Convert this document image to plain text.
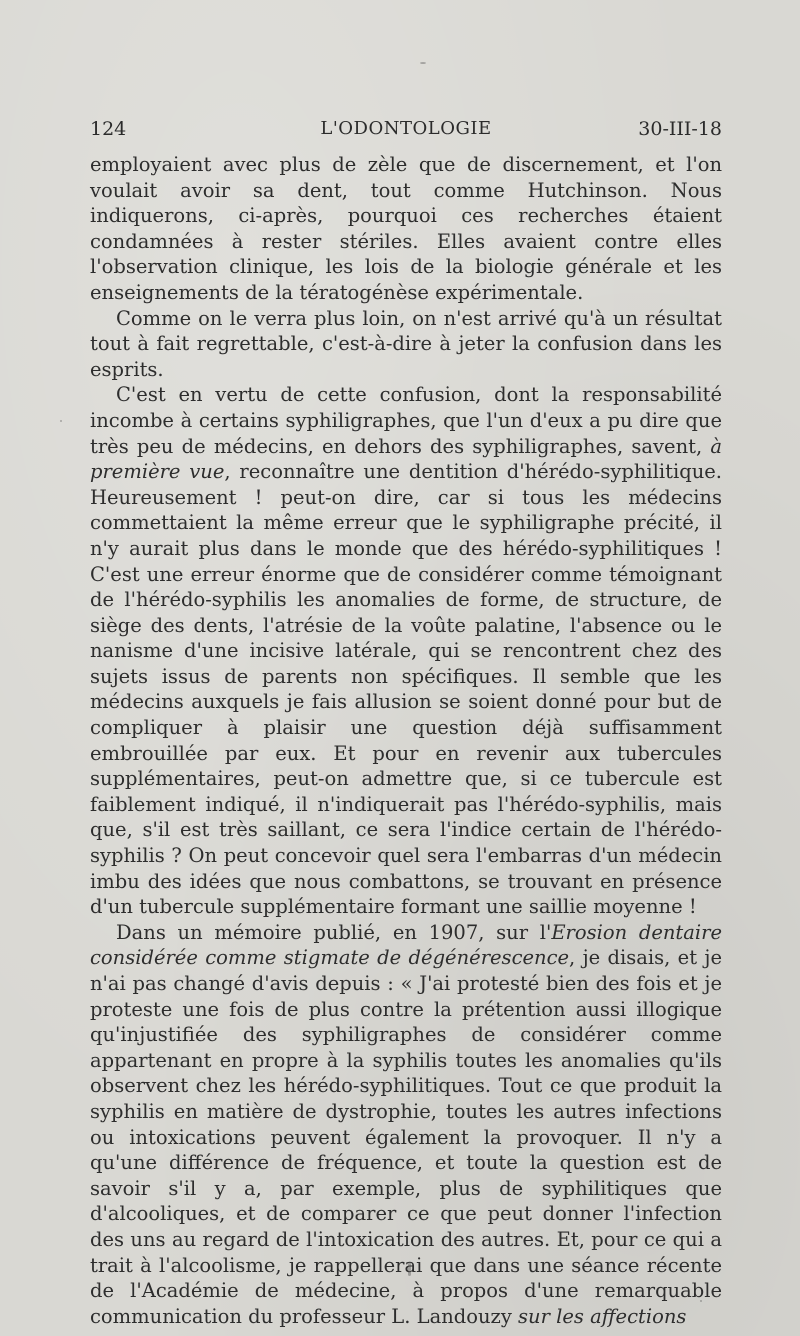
124	L'ODONTOLOGIE	30-III-18

employaient avec plus de zèle que de discernement, et l'on voulait avoir sa dent, tout comme Hutchinson. Nous indiquerons, ci-après, pourquoi ces recherches étaient condamnées à rester stériles. Elles avaient contre elles l'observation clinique, les lois de la biologie générale et les enseignements de la tératogénèse expérimentale.

Comme on le verra plus loin, on n'est arrivé qu'à un résultat tout à fait regrettable, c'est-à-dire à jeter la confusion dans les esprits.

C'est en vertu de cette confusion, dont la responsabilité incombe à certains syphiligraphes, que l'un d'eux a pu dire que très peu de médecins, en dehors des syphiligraphes, savent, à première vue, reconnaître une dentition d'hérédo-syphilitique. Heureusement ! peut-on dire, car si tous les médecins commettaient la même erreur que le syphiligraphe précité, il n'y aurait plus dans le monde que des hérédo-syphilitiques ! C'est une erreur énorme que de considérer comme témoignant de l'hérédo-syphilis les anomalies de forme, de structure, de siège des dents, l'atrésie de la voûte palatine, l'absence ou le nanisme d'une incisive latérale, qui se rencontrent chez des sujets issus de parents non spécifiques. Il semble que les médecins auxquels je fais allusion se soient donné pour but de compliquer à plaisir une question déjà suffisamment embrouillée par eux. Et pour en revenir aux tubercules supplémentaires, peut-on admettre que, si ce tubercule est faiblement indiqué, il n'indiquerait pas l'hérédo-syphilis, mais que, s'il est très saillant, ce sera l'indice certain de l'hérédo-syphilis ? On peut concevoir quel sera l'embarras d'un médecin imbu des idées que nous combattons, se trouvant en présence d'un tubercule supplémentaire formant une saillie moyenne !

Dans un mémoire publié, en 1907, sur l'Erosion dentaire considérée comme stigmate de dégénérescence, je disais, et je n'ai pas changé d'avis depuis : « J'ai protesté bien des fois et je proteste une fois de plus contre la prétention aussi illogique qu'injustifiée des syphiligraphes de considérer comme appartenant en propre à la syphilis toutes les anomalies qu'ils observent chez les hérédo-syphilitiques. Tout ce que produit la syphilis en matière de dystrophie, toutes les autres infections ou intoxications peuvent également la provoquer. Il n'y a qu'une différence de fréquence, et toute la question est de savoir s'il y a, par exemple, plus de syphilitiques que d'alcooliques, et de comparer ce que peut donner l'infection des uns au regard de l'intoxication des autres. Et, pour ce qui a trait à l'alcoolisme, je rappellerai que dans une séance récente de l'Académie de médecine, à propos d'une remarquable communication du professeur L. Landouzy sur les affections
